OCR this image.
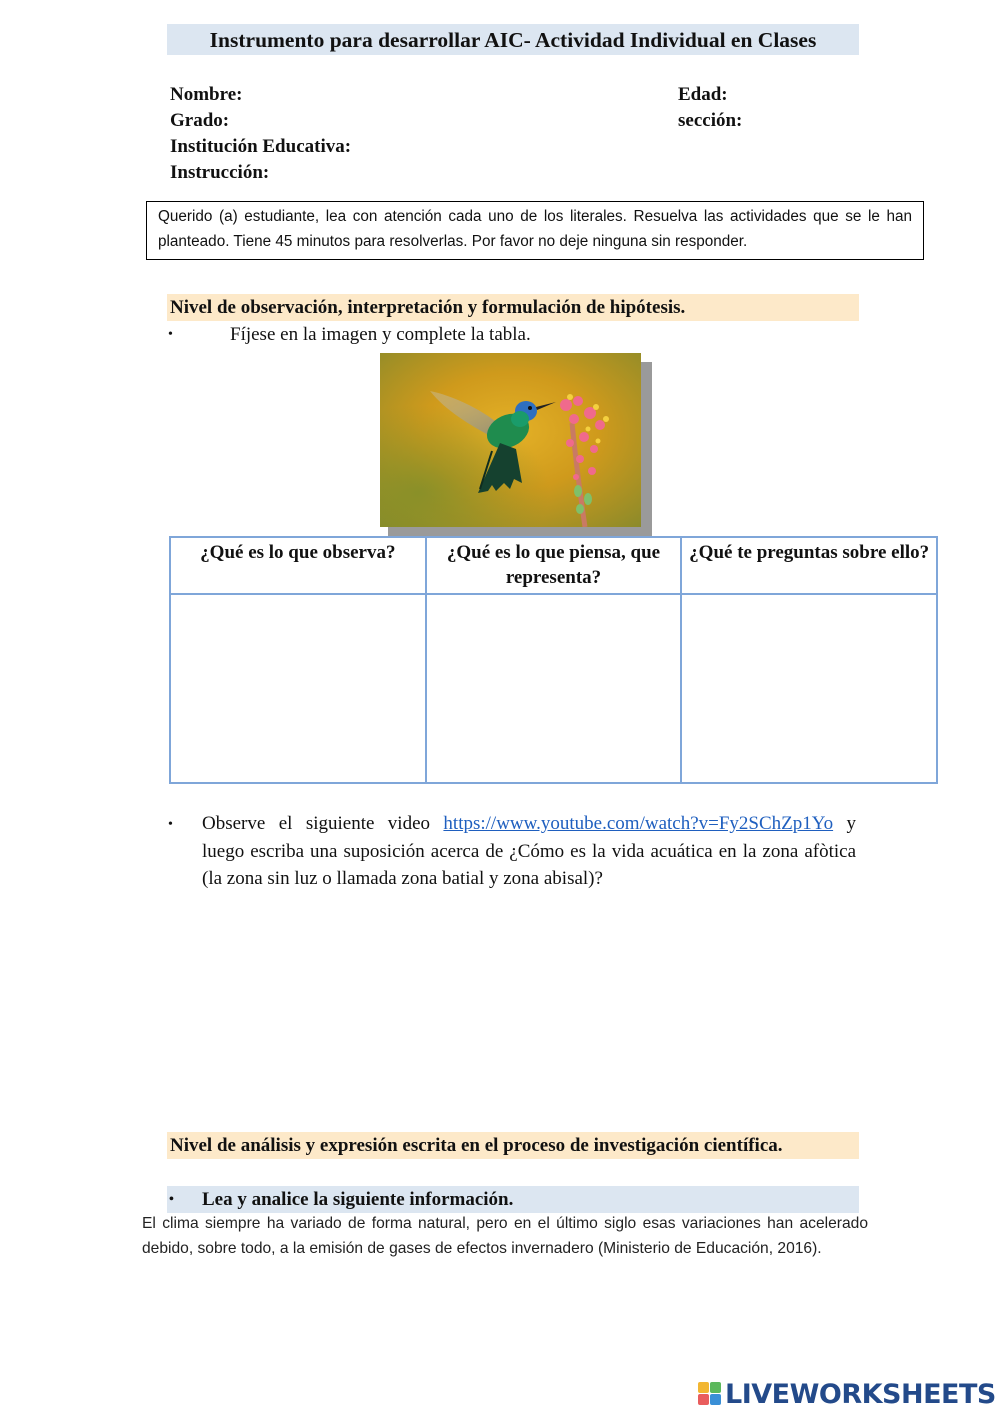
Instrumento para desarrollar AIC- Actividad Individual en Clases
Nombre:	Edad:
Grado:	sección:
Institución Educativa:
Instrucción:
Querido (a) estudiante, lea con atención cada uno de los literales. Resuelva las actividades que se le han planteado. Tiene 45 minutos para resolverlas. Por favor no deje ninguna sin responder.
Nivel de observación, interpretación y formulación de hipótesis.
•	Fíjese en la imagen y complete la tabla.
¿Qué es lo que observa?	¿Qué es lo que piensa, que representa?	¿Qué te preguntas sobre ello?

• Observe el siguiente video https://www.youtube.com/watch?v=Fy2SChZp1Yo y luego escriba una suposición acerca de ¿Cómo es la vida acuática en la zona afòtica (la zona sin luz o llamada zona batial y zona abisal)?
Nivel de análisis y expresión escrita en el proceso de investigación científica.
• Lea y analice la siguiente información.
El clima siempre ha variado de forma natural, pero en el último siglo esas variaciones han acelerado debido, sobre todo, a la emisión de gases de efectos invernadero (Ministerio de Educación, 2016).
LIVEWORKSHEETS
